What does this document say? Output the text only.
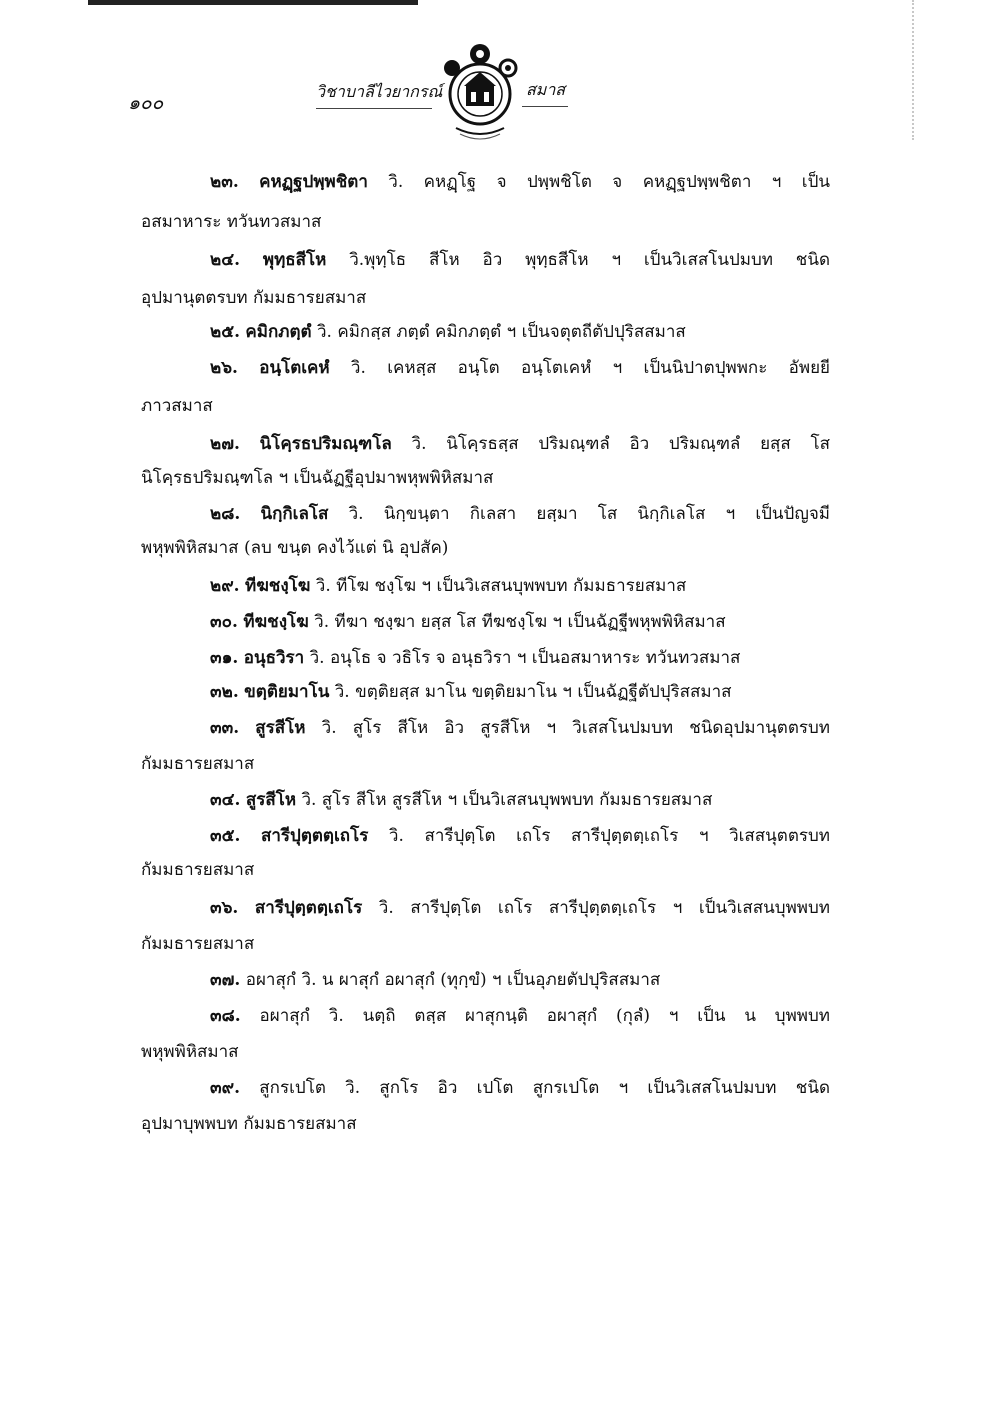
๑๐๐
วิชาบาลีไวยากรณ์	สมาส
๒๓. คหฏฺฐปพฺพชิตา วิ. คหฏฺโฐ จ ปพฺพชิโต จ คหฏฺฐปพฺพชิตา ฯ เป็น
อสมาหาระ ทวันทวสมาส
๒๔. พุทฺธสีโห วิ.พุทฺโธ สีโห อิว พุทฺธสีโห ฯ เป็นวิเสสโนปมบท ชนิด
อุปมานุตตรบท กัมมธารยสมาส
๒๕. คมิกภตฺตํ วิ. คมิกสฺส ภตฺตํ คมิกภตฺตํ ฯ เป็นจตุตถีตัปปุริสสมาส
๒๖. อนฺโตเคหํ วิ. เคหสฺส อนฺโต อนฺโตเคหํ ฯ เป็นนิปาตปุพพกะ อัพยยี
ภาวสมาส
๒๗. นิโคฺรธปริมณฺฑโล วิ. นิโคฺรธสฺส ปริมณฺฑลํ อิว ปริมณฺฑลํ ยสฺส โส
นิโคฺรธปริมณฺฑโล ฯ เป็นฉัฏฐีอุปมาพหุพพิหิสมาส
๒๘. นิกฺกิเลโส วิ. นิกฺขนฺตา กิเลสา ยสฺมา โส นิกฺกิเลโส ฯ เป็นปัญจมี
พหุพพิหิสมาส (ลบ ขนฺต คงไว้แต่ นิ อุปสัค)
๒๙. ทีฆชงฺโฆ วิ. ทีโฆ ชงฺโฆ ฯ เป็นวิเสสนบุพพบท กัมมธารยสมาส
๓๐. ทีฆชงฺโฆ วิ. ทีฆา ชงฺฆา ยสฺส โส ทีฆชงฺโฆ ฯ เป็นฉัฏฐีพหุพพิหิสมาส
๓๑. อนุธวิรา วิ. อนุโธ จ วธิโร จ อนุธวิรา ฯ เป็นอสมาหาระ ทวันทวสมาส
๓๒. ขตฺติยมาโน วิ. ขตฺติยสฺส มาโน ขตฺติยมาโน ฯ เป็นฉัฏฐีตัปปุริสสมาส
๓๓. สูรสีโห วิ. สูโร สีโห อิว สูรสีโห ฯ วิเสสโนปมบท ชนิดอุปมานุตตรบท
กัมมธารยสมาส
๓๔. สูรสีโห วิ. สูโร สีโห สูรสีโห ฯ เป็นวิเสสนบุพพบท กัมมธารยสมาส
๓๕. สารีปุตฺตตฺเถโร วิ. สารีปุตฺโต เถโร สารีปุตฺตตฺเถโร ฯ วิเสสนุตตรบท
กัมมธารยสมาส
๓๖. สารีปุตฺตตฺเถโร วิ. สารีปุตฺโต เถโร สารีปุตฺตตฺเถโร ฯ เป็นวิเสสนบุพพบท
กัมมธารยสมาส
๓๗. อผาสุกํ วิ. น ผาสุกํ อผาสุกํ (ทุกฺขํ) ฯ เป็นอุภยตัปปุริสสมาส
๓๘. อผาสุกํ วิ. นตฺถิ ตสฺส ผาสุกนฺติ อผาสุกํ (กุลํ) ฯ เป็น น บุพพบท
พหุพพิหิสมาส
๓๙. สูกรเปโต วิ. สูกโร อิว เปโต สูกรเปโต ฯ เป็นวิเสสโนปมบท ชนิด
อุปมาบุพพบท กัมมธารยสมาส
